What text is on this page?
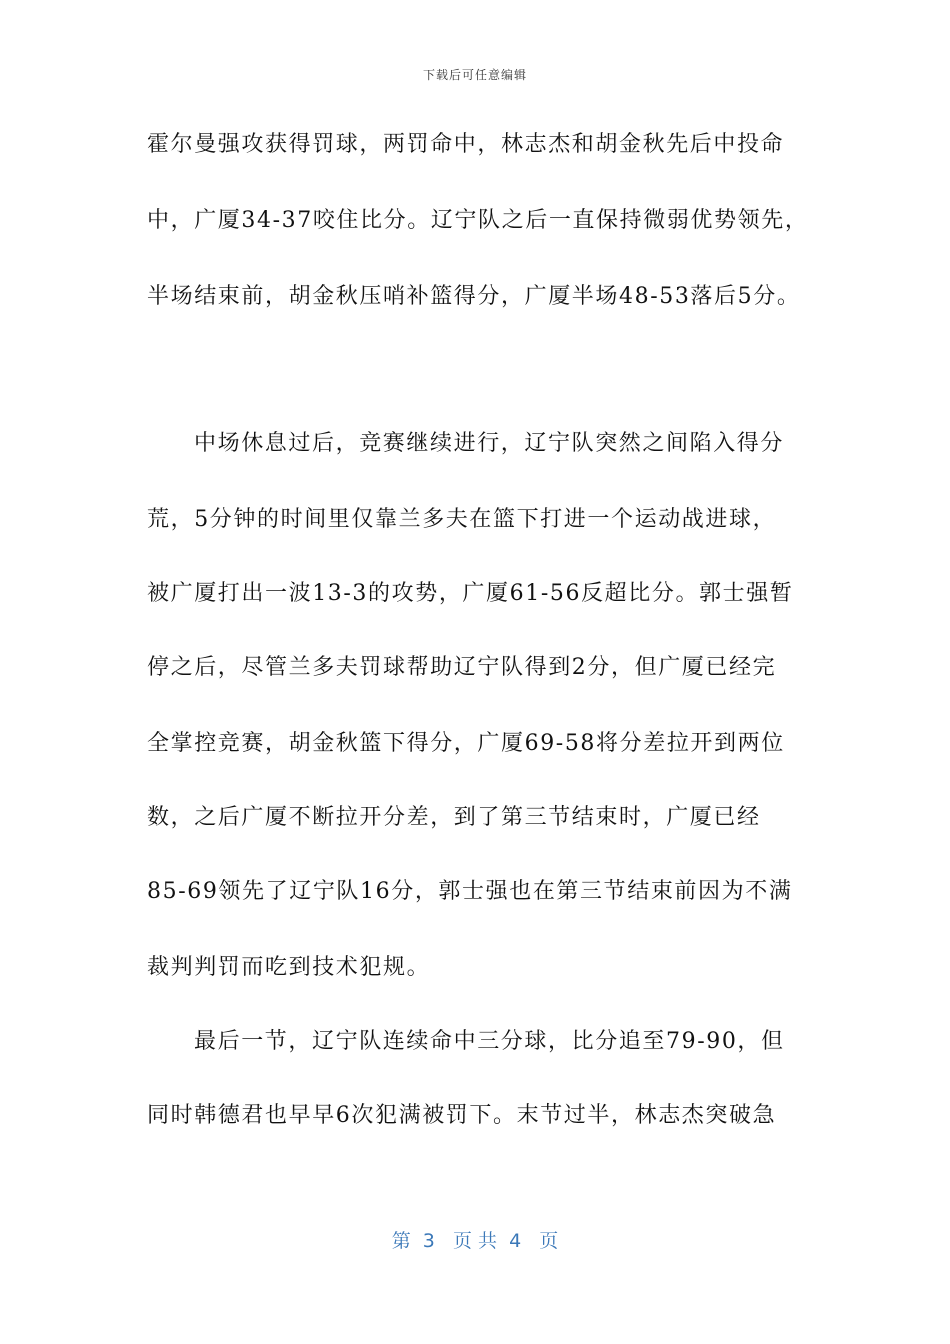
下载后可任意编辑
霍尔曼强攻获得罚球，两罚命中，林志杰和胡金秋先后中投命
中，广厦34-37咬住比分。辽宁队之后一直保持微弱优势领先，
半场结束前，胡金秋压哨补篮得分，广厦半场48-53落后5分。
中场休息过后，竞赛继续进行，辽宁队突然之间陷入得分
荒，5分钟的时间里仅靠兰多夫在篮下打进一个运动战进球，
被广厦打出一波13-3的攻势，广厦61-56反超比分。郭士强暂
停之后，尽管兰多夫罚球帮助辽宁队得到2分，但广厦已经完
全掌控竞赛，胡金秋篮下得分，广厦69-58将分差拉开到两位
数，之后广厦不断拉开分差，到了第三节结束时，广厦已经
85-69领先了辽宁队16分，郭士强也在第三节结束前因为不满
裁判判罚而吃到技术犯规。
最后一节，辽宁队连续命中三分球，比分追至79-90，但
同时韩德君也早早6次犯满被罚下。末节过半，林志杰突破急
第  3   页 共  4   页
